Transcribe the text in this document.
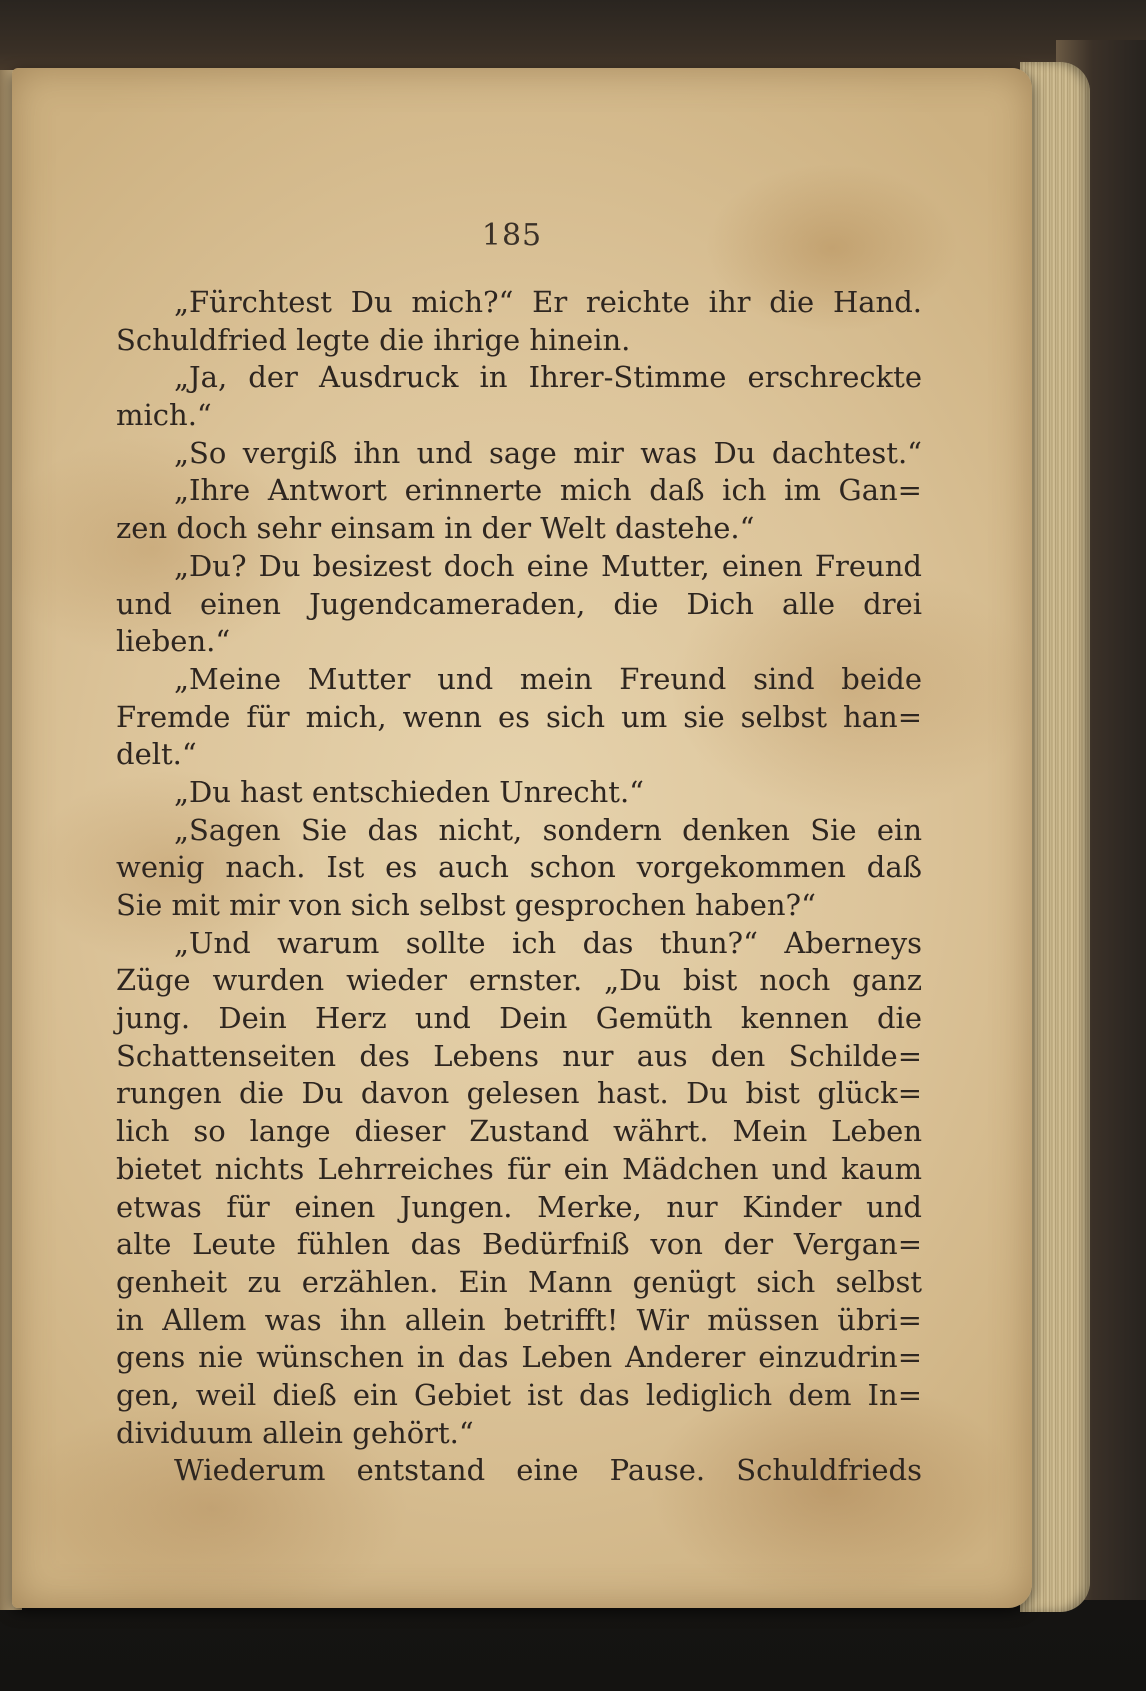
185
„Fürchtest Du mich?“ Er reichte ihr die Hand.
Schuldfried legte die ihrige hinein.
„Ja, der Ausdruck in Ihrer-Stimme erschreckte
mich.“
„So vergiß ihn und sage mir was Du dachtest.“
„Ihre Antwort erinnerte mich daß ich im Gan=
zen doch sehr einsam in der Welt dastehe.“
„Du? Du besizest doch eine Mutter, einen Freund
und einen Jugendcameraden, die Dich alle drei
lieben.“
„Meine Mutter und mein Freund sind beide
Fremde für mich, wenn es sich um sie selbst han=
delt.“
„Du hast entschieden Unrecht.“
„Sagen Sie das nicht, sondern denken Sie ein
wenig nach. Ist es auch schon vorgekommen daß
Sie mit mir von sich selbst gesprochen haben?“
„Und warum sollte ich das thun?“ Aberneys
Züge wurden wieder ernster. „Du bist noch ganz
jung. Dein Herz und Dein Gemüth kennen die
Schattenseiten des Lebens nur aus den Schilde=
rungen die Du davon gelesen hast. Du bist glück=
lich so lange dieser Zustand währt. Mein Leben
bietet nichts Lehrreiches für ein Mädchen und kaum
etwas für einen Jungen. Merke, nur Kinder und
alte Leute fühlen das Bedürfniß von der Vergan=
genheit zu erzählen. Ein Mann genügt sich selbst
in Allem was ihn allein betrifft! Wir müssen übri=
gens nie wünschen in das Leben Anderer einzudrin=
gen, weil dieß ein Gebiet ist das lediglich dem In=
dividuum allein gehört.“
Wiederum entstand eine Pause. Schuldfrieds
